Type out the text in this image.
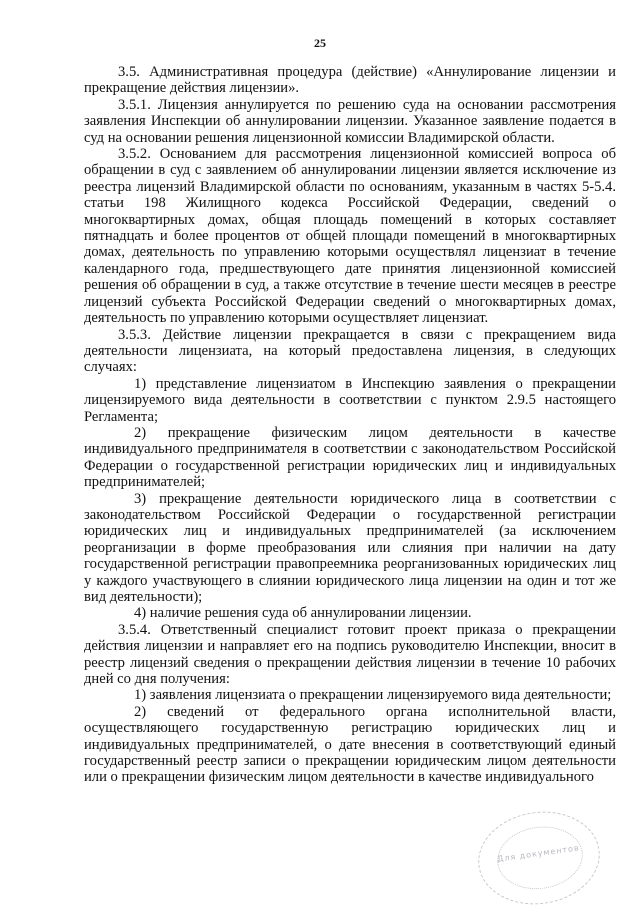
25

3.5. Административная процедура (действие) «Аннулирование лицензии и прекращение действия лицензии».

3.5.1. Лицензия аннулируется по решению суда на основании рассмотрения заявления Инспекции об аннулировании лицензии. Указанное заявление подается в суд на основании решения лицензионной комиссии Владимирской области.

3.5.2. Основанием для рассмотрения лицензионной комиссией вопроса об обращении в суд с заявлением об аннулировании лицензии является исключение из реестра лицензий Владимирской области по основаниям, указанным в частях 5-5.4. статьи 198 Жилищного кодекса Российской Федерации, сведений о многоквартирных домах, общая площадь помещений в которых составляет пятнадцать и более процентов от общей площади помещений в многоквартирных домах, деятельность по управлению которыми осуществлял лицензиат в течение календарного года, предшествующего дате принятия лицензионной комиссией решения об обращении в суд, а также отсутствие в течение шести месяцев в реестре лицензий субъекта Российской Федерации сведений о многоквартирных домах, деятельность по управлению которыми осуществляет лицензиат.

3.5.3. Действие лицензии прекращается в связи с прекращением вида деятельности лицензиата, на который предоставлена лицензия, в следующих случаях:

1) представление лицензиатом в Инспекцию заявления о прекращении лицензируемого вида деятельности в соответствии с пунктом 2.9.5 настоящего Регламента;

2) прекращение физическим лицом деятельности в качестве индивидуального предпринимателя в соответствии с законодательством Российской Федерации о государственной регистрации юридических лиц и индивидуальных предпринимателей;

3) прекращение деятельности юридического лица в соответствии с законодательством Российской Федерации о государственной регистрации юридических лиц и индивидуальных предпринимателей (за исключением реорганизации в форме преобразования или слияния при наличии на дату государственной регистрации правопреемника реорганизованных юридических лиц у каждого участвующего в слиянии юридического лица лицензии на один и тот же вид деятельности);

4) наличие решения суда об аннулировании лицензии.

3.5.4. Ответственный специалист готовит проект приказа о прекращении действия лицензии и направляет его на подпись руководителю Инспекции, вносит в реестр лицензий сведения о прекращении действия лицензии в течение 10 рабочих дней со дня получения:

1) заявления лицензиата о прекращении лицензируемого вида деятельности;

2) сведений от федерального органа исполнительной власти, осуществляющего государственную регистрацию юридических лиц и индивидуальных предпринимателей, о дате внесения в соответствующий единый государственный реестр записи о прекращении юридическим лицом деятельности или о прекращении физическим лицом деятельности в качестве индивидуального

Для документов
